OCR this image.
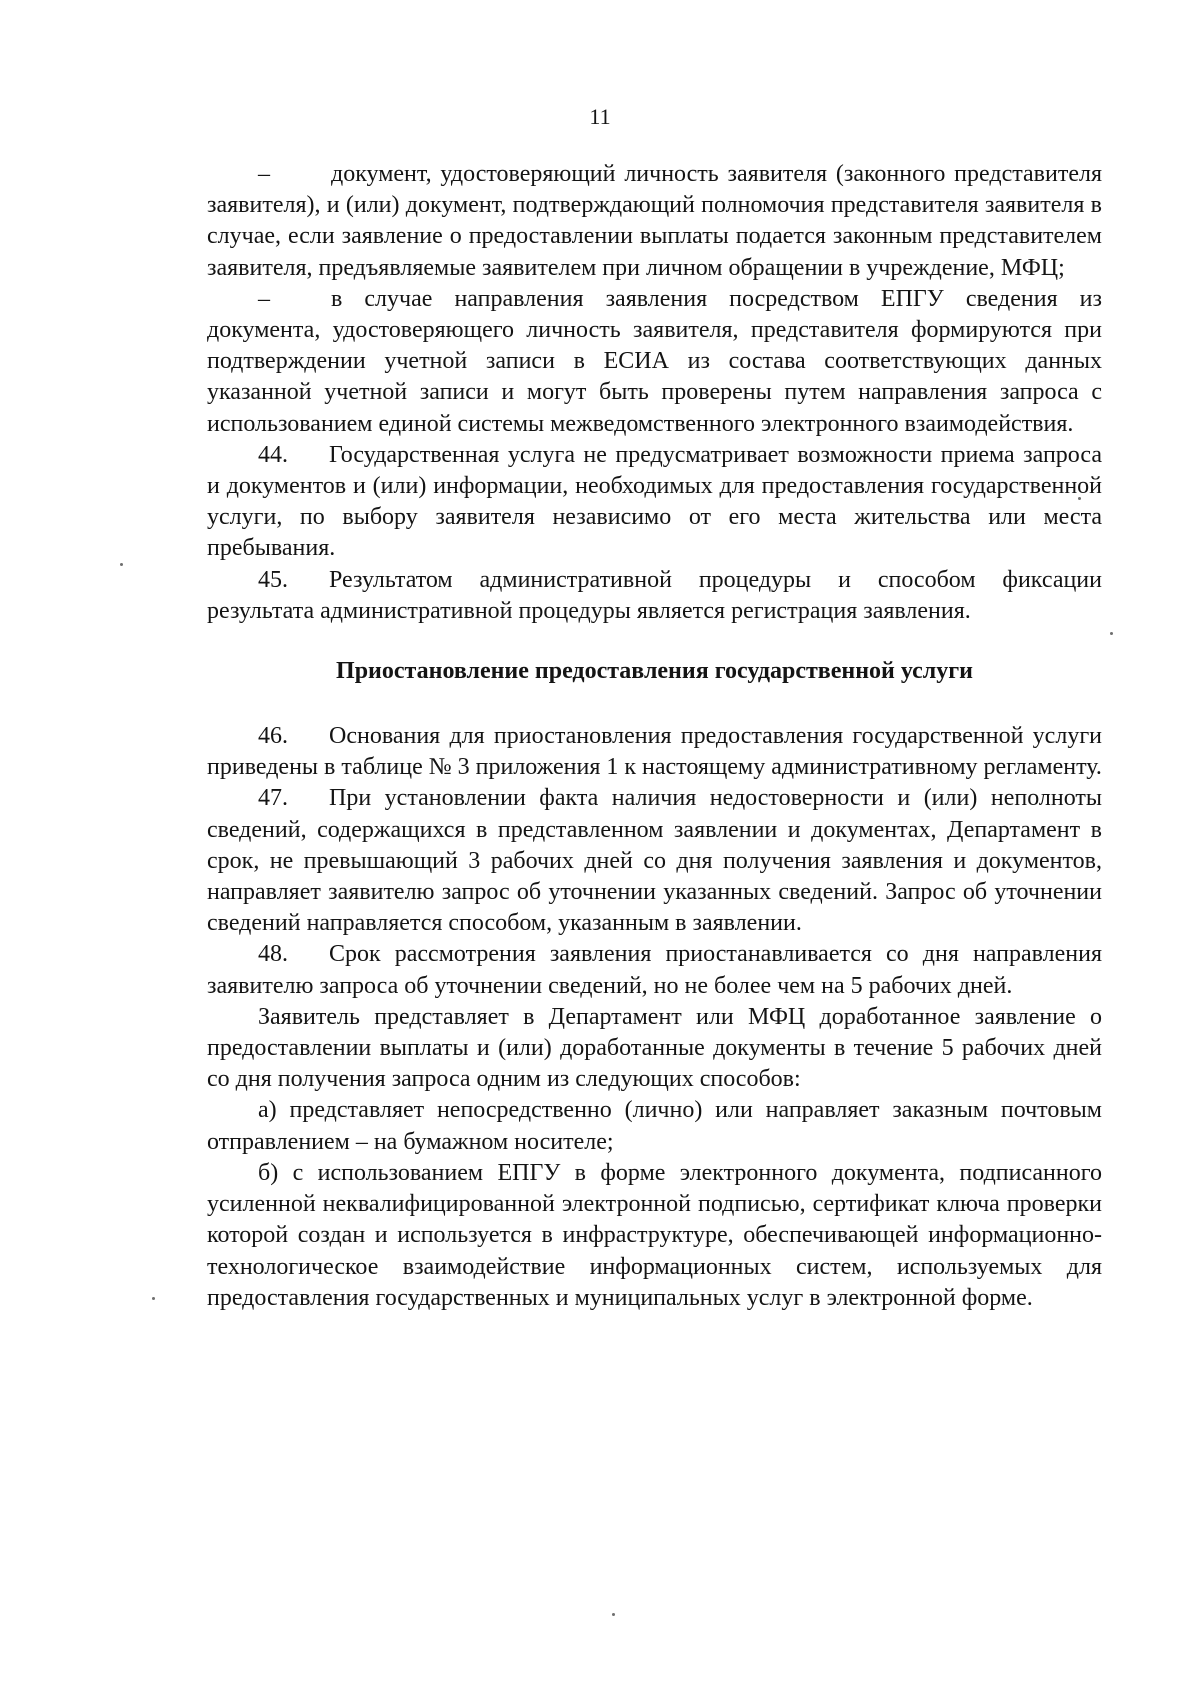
11

–	документ, удостоверяющий личность заявителя (законного представителя заявителя), и (или) документ, подтверждающий полномочия представителя заявителя в случае, если заявление о предоставлении выплаты подается законным представителем заявителя, предъявляемые заявителем при личном обращении в учреждение, МФЦ;

–	в случае направления заявления посредством ЕПГУ сведения из документа, удостоверяющего личность заявителя, представителя формируются при подтверждении учетной записи в ЕСИА из состава соответствующих данных указанной учетной записи и могут быть проверены путем направления запроса с использованием единой системы межведомственного электронного взаимодействия.

44. Государственная услуга не предусматривает возможности приема запроса и документов и (или) информации, необходимых для предоставления государственной услуги, по выбору заявителя независимо от его места жительства или места пребывания.

45. Результатом административной процедуры и способом фиксации результата административной процедуры является регистрация заявления.

Приостановление предоставления государственной услуги

46. Основания для приостановления предоставления государственной услуги приведены в таблице № 3 приложения 1 к настоящему административному регламенту.

47. При установлении факта наличия недостоверности и (или) неполноты сведений, содержащихся в представленном заявлении и документах, Департамент в срок, не превышающий 3 рабочих дней со дня получения заявления и документов, направляет заявителю запрос об уточнении указанных сведений. Запрос об уточнении сведений направляется способом, указанным в заявлении.

48. Срок рассмотрения заявления приостанавливается со дня направления заявителю запроса об уточнении сведений, но не более чем на 5 рабочих дней.

Заявитель представляет в Департамент или МФЦ доработанное заявление о предоставлении выплаты и (или) доработанные документы в течение 5 рабочих дней со дня получения запроса одним из следующих способов:

а) представляет непосредственно (лично) или направляет заказным почтовым отправлением – на бумажном носителе;

б) с использованием ЕПГУ в форме электронного документа, подписанного усиленной неквалифицированной электронной подписью, сертификат ключа проверки которой создан и используется в инфраструктуре, обеспечивающей информационно-технологическое взаимодействие информационных систем, используемых для предоставления государственных и муниципальных услуг в электронной форме.
